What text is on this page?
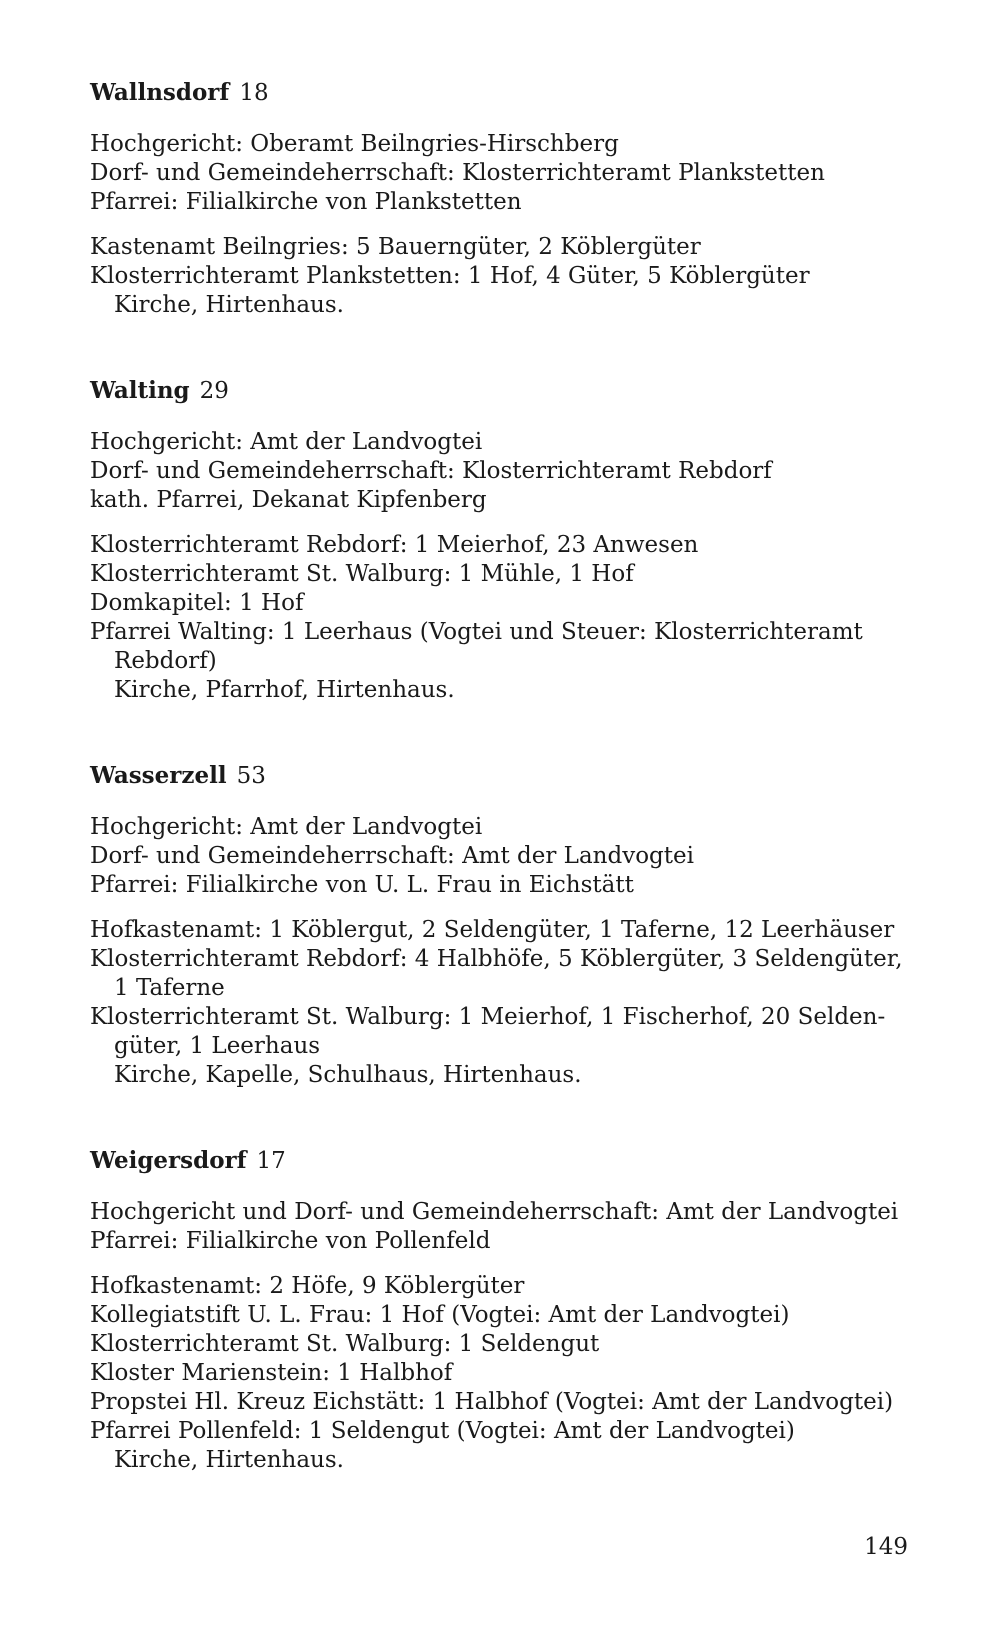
Wallnsdorf 18

Hochgericht: Oberamt Beilngries-Hirschberg

Dorf- und Gemeindeherrschaft: Klosterrichteramt Plankstetten

Pfarrei: Filialkirche von Plankstetten

Kastenamt Beilngries: 5 Bauerngüter, 2 Köblergüter

Klosterrichteramt Plankstetten: 1 Hof, 4 Güter, 5 Köblergüter

Kirche, Hirtenhaus.

Walting 29

Hochgericht: Amt der Landvogtei

Dorf- und Gemeindeherrschaft: Klosterrichteramt Rebdorf

kath. Pfarrei, Dekanat Kipfenberg

Klosterrichteramt Rebdorf: 1 Meierhof, 23 Anwesen

Klosterrichteramt St. Walburg: 1 Mühle, 1 Hof

Domkapitel: 1 Hof

Pfarrei Walting: 1 Leerhaus (Vogtei und Steuer: Klosterrichteramt

Rebdorf)

Kirche, Pfarrhof, Hirtenhaus.

Wasserzell 53

Hochgericht: Amt der Landvogtei

Dorf- und Gemeindeherrschaft: Amt der Landvogtei

Pfarrei: Filialkirche von U. L. Frau in Eichstätt

Hofkastenamt: 1 Köblergut, 2 Seldengüter, 1 Taferne, 12 Leerhäuser

Klosterrichteramt Rebdorf: 4 Halbhöfe, 5 Köblergüter, 3 Seldengüter,

1 Taferne

Klosterrichteramt St. Walburg: 1 Meierhof, 1 Fischerhof, 20 Selden-

güter, 1 Leerhaus

Kirche, Kapelle, Schulhaus, Hirtenhaus.

Weigersdorf 17

Hochgericht und Dorf- und Gemeindeherrschaft: Amt der Landvogtei

Pfarrei: Filialkirche von Pollenfeld

Hofkastenamt: 2 Höfe, 9 Köblergüter

Kollegiatstift U. L. Frau: 1 Hof (Vogtei: Amt der Landvogtei)

Klosterrichteramt St. Walburg: 1 Seldengut

Kloster Marienstein: 1 Halbhof

Propstei Hl. Kreuz Eichstätt: 1 Halbhof (Vogtei: Amt der Landvogtei)

Pfarrei Pollenfeld: 1 Seldengut (Vogtei: Amt der Landvogtei)

Kirche, Hirtenhaus.

149
